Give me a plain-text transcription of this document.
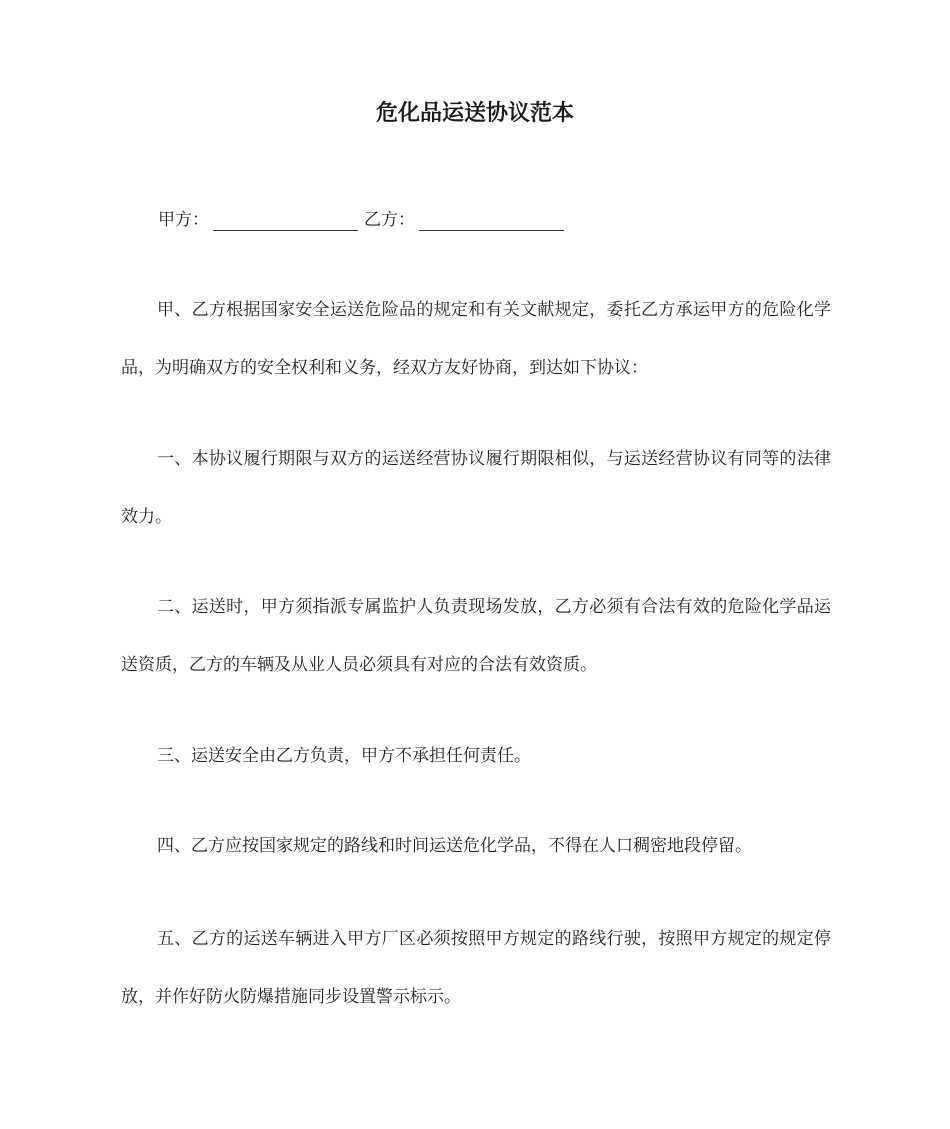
危化品运送协议范本
甲方：	乙方：

甲、乙方根据国家安全运送危险品的规定和有关文献规定，委托乙方承运甲方的危险化学品，为明确双方的安全权利和义务，经双方友好协商，到达如下协议：

一、本协议履行期限与双方的运送经营协议履行期限相似，与运送经营协议有同等的法律效力。

二、运送时，甲方须指派专属监护人负责现场发放，乙方必须有合法有效的危险化学品运送资质，乙方的车辆及从业人员必须具有对应的合法有效资质。

三、运送安全由乙方负责，甲方不承担任何责任。

四、乙方应按国家规定的路线和时间运送危化学品，不得在人口稠密地段停留。

五、乙方的运送车辆进入甲方厂区必须按照甲方规定的路线行驶，按照甲方规定的规定停放，并作好防火防爆措施同步设置警示标示。
